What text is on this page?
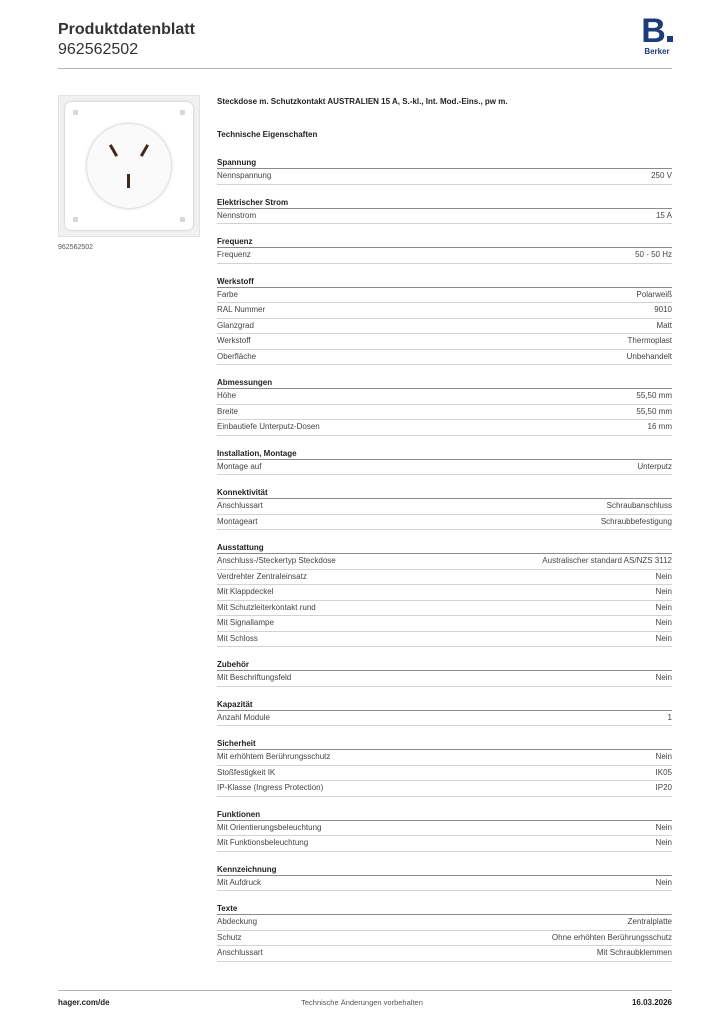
Produktdatenblatt
962562502	B
Berker
962562502
Steckdose m. Schutzkontakt AUSTRALIEN 15 A, S.-kl., Int. Mod.-Eins., pw m.
Technische Eigenschaften
Spannung
Nennspannung	250 V
Elektrischer Strom
Nennstrom	15 A
Frequenz
Frequenz	50 - 50 Hz
Werkstoff
Farbe	Polarweiß
RAL Nummer	9010
Glanzgrad	Matt
Werkstoff	Thermoplast
Oberfläche	Unbehandelt
Abmessungen
Höhe	55,50 mm
Breite	55,50 mm
Einbautiefe Unterputz-Dosen	16 mm
Installation, Montage
Montage auf	Unterputz
Konnektivität
Anschlussart	Schraubanschluss
Montageart	Schraubbefestigung
Ausstattung
Anschluss-/Steckertyp Steckdose	Australischer standard AS/NZS 3112
Verdrehter Zentraleinsatz	Nein
Mit Klappdeckel	Nein
Mit Schutzleiterkontakt rund	Nein
Mit Signallampe	Nein
Mit Schloss	Nein
Zubehör
Mit Beschriftungsfeld	Nein
Kapazität
Anzahl Module	1
Sicherheit
Mit erhöhtem Berührungsschutz	Nein
Stoßfestigkeit IK	IK05
IP-Klasse (Ingress Protection)	IP20
Funktionen
Mit Orientierungsbeleuchtung	Nein
Mit Funktionsbeleuchtung	Nein
Kennzeichnung
Mit Aufdruck	Nein
Texte
Abdeckung	Zentralplatte
Schutz	Ohne erhöhten Berührungsschutz
Anschlussart	Mit Schraubklemmen
hager.com/de	Technische Änderungen vorbehalten	16.03.2026
